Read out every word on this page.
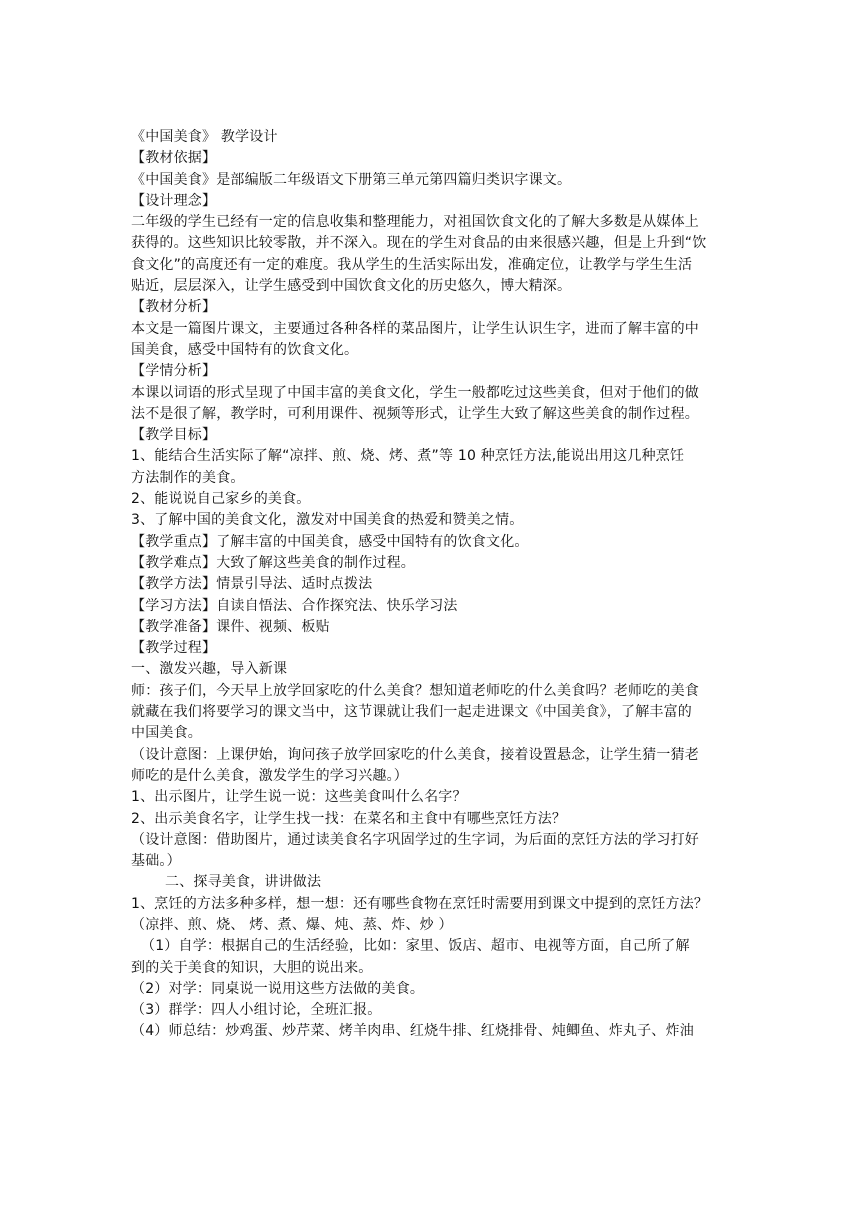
《中国美食》 教学设计
【教材依据】
《中国美食》是部编版二年级语文下册第三单元第四篇归类识字课文。
【设计理念】
二年级的学生已经有一定的信息收集和整理能力，对祖国饮食文化的了解大多数是从媒体上
获得的。这些知识比较零散，并不深入。现在的学生对食品的由来很感兴趣，但是上升到“饮
食文化”的高度还有一定的难度。我从学生的生活实际出发，准确定位，让教学与学生生活
贴近，层层深入，让学生感受到中国饮食文化的历史悠久，博大精深。
【教材分析】
本文是一篇图片课文，主要通过各种各样的菜品图片，让学生认识生字，进而了解丰富的中
国美食，感受中国特有的饮食文化。
【学情分析】
本课以词语的形式呈现了中国丰富的美食文化，学生一般都吃过这些美食，但对于他们的做
法不是很了解，教学时，可利用课件、视频等形式，让学生大致了解这些美食的制作过程。
【教学目标】
1、能结合生活实际了解“凉拌、煎、烧、烤、煮”等 10 种烹饪方法,能说出用这几种烹饪
方法制作的美食。
2、能说说自己家乡的美食。
3、了解中国的美食文化，激发对中国美食的热爱和赞美之情。
【教学重点】了解丰富的中国美食，感受中国特有的饮食文化。
【教学难点】大致了解这些美食的制作过程。
【教学方法】情景引导法、适时点拨法
【学习方法】自读自悟法、合作探究法、快乐学习法
【教学准备】课件、视频、板贴
【教学过程】
一、激发兴趣，导入新课
师：孩子们，今天早上放学回家吃的什么美食？想知道老师吃的什么美食吗？老师吃的美食
就藏在我们将要学习的课文当中，这节课就让我们一起走进课文《中国美食》，了解丰富的
中国美食。
（设计意图：上课伊始，询问孩子放学回家吃的什么美食，接着设置悬念，让学生猜一猜老
师吃的是什么美食，激发学生的学习兴趣。）
1、出示图片，让学生说一说：这些美食叫什么名字？
2、出示美食名字，让学生找一找：在菜名和主食中有哪些烹饪方法？
（设计意图：借助图片，通过读美食名字巩固学过的生字词，为后面的烹饪方法的学习打好
基础。）
二、探寻美食，讲讲做法
1、烹饪的方法多种多样，想一想：还有哪些食物在烹饪时需要用到课文中提到的烹饪方法？
（凉拌、煎、烧、 烤、煮、爆、炖、蒸、炸、炒 ）
（1）自学：根据自己的生活经验，比如：家里、饭店、超市、电视等方面，自己所了解
到的关于美食的知识，大胆的说出来。
（2）对学：同桌说一说用这些方法做的美食。
（3）群学：四人小组讨论，全班汇报。
（4）师总结：炒鸡蛋、炒芹菜、烤羊肉串、红烧牛排、红烧排骨、炖鲫鱼、炸丸子、炸油
